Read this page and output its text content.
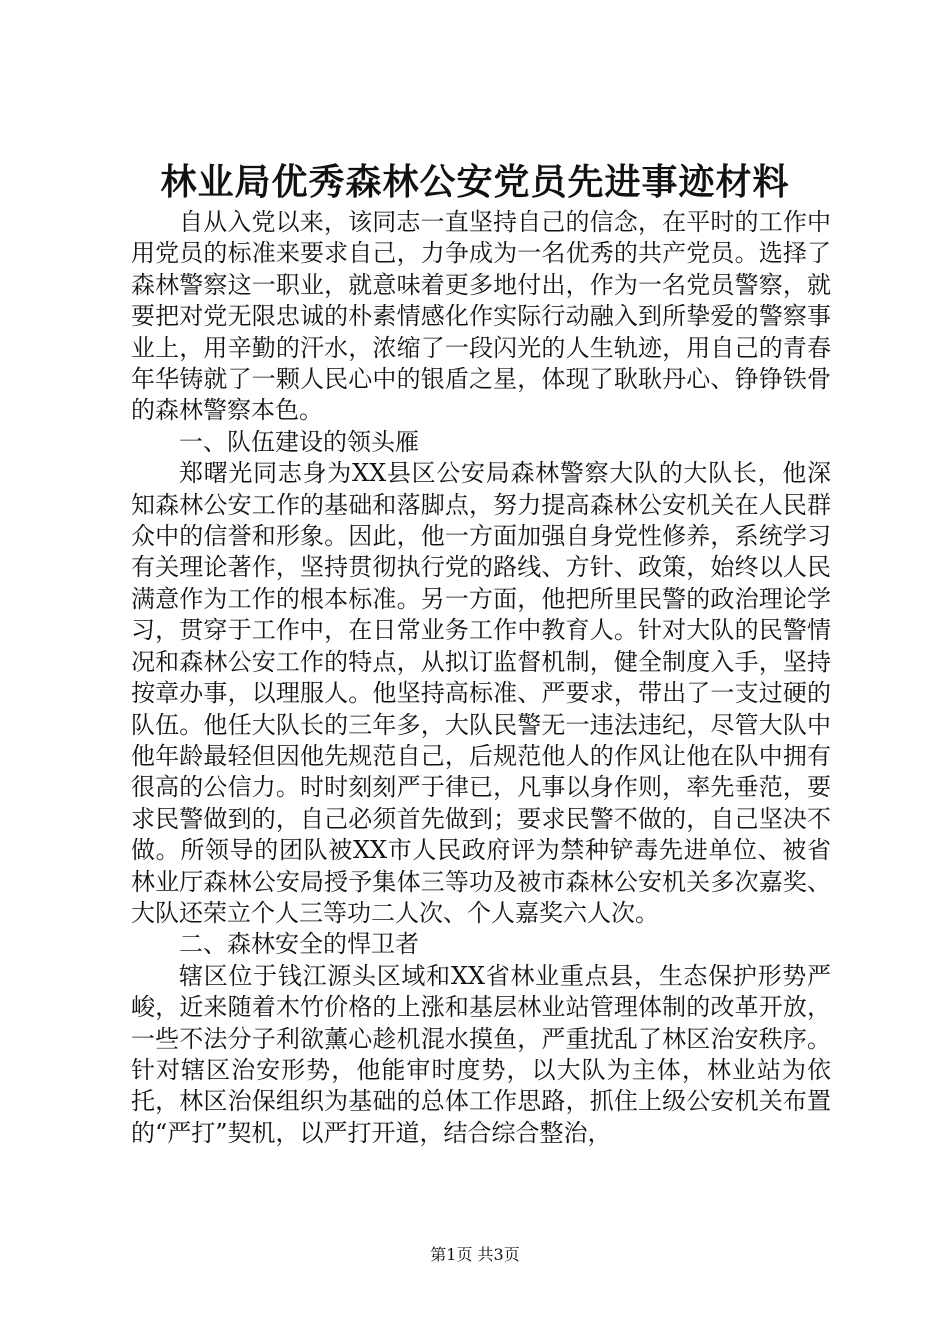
林业局优秀森林公安党员先进事迹材料

自从入党以来，该同志一直坚持自己的信念，在平时的工作中用党员的标准来要求自己，力争成为一名优秀的共产党员。选择了森林警察这一职业，就意味着更多地付出，作为一名党员警察，就要把对党无限忠诚的朴素情感化作实际行动融入到所挚爱的警察事业上，用辛勤的汗水，浓缩了一段闪光的人生轨迹，用自己的青春年华铸就了一颗人民心中的银盾之星，体现了耿耿丹心、铮铮铁骨的森林警察本色。

一、队伍建设的领头雁

郑曙光同志身为XX县区公安局森林警察大队的大队长，他深知森林公安工作的基础和落脚点，努力提高森林公安机关在人民群众中的信誉和形象。因此，他一方面加强自身党性修养，系统学习有关理论著作，坚持贯彻执行党的路线、方针、政策，始终以人民满意作为工作的根本标准。另一方面，他把所里民警的政治理论学习，贯穿于工作中，在日常业务工作中教育人。针对大队的民警情况和森林公安工作的特点，从拟订监督机制，健全制度入手，坚持按章办事，以理服人。他坚持高标准、严要求，带出了一支过硬的队伍。他任大队长的三年多，大队民警无一违法违纪，尽管大队中他年龄最轻但因他先规范自己，后规范他人的作风让他在队中拥有很高的公信力。时时刻刻严于律已，凡事以身作则，率先垂范，要求民警做到的，自己必须首先做到；要求民警不做的，自己坚决不做。所领导的团队被XX市人民政府评为禁种铲毒先进单位、被省林业厅森林公安局授予集体三等功及被市森林公安机关多次嘉奖、大队还荣立个人三等功二人次、个人嘉奖六人次。

二、森林安全的悍卫者

辖区位于钱江源头区域和XX省林业重点县，生态保护形势严峻，近来随着木竹价格的上涨和基层林业站管理体制的改革开放，一些不法分子利欲薰心趁机混水摸鱼，严重扰乱了林区治安秩序。针对辖区治安形势，他能审时度势，以大队为主体，林业站为依托，林区治保组织为基础的总体工作思路，抓住上级公安机关布置的“严打”契机，以严打开道，结合综合整治，

第1页 共3页
